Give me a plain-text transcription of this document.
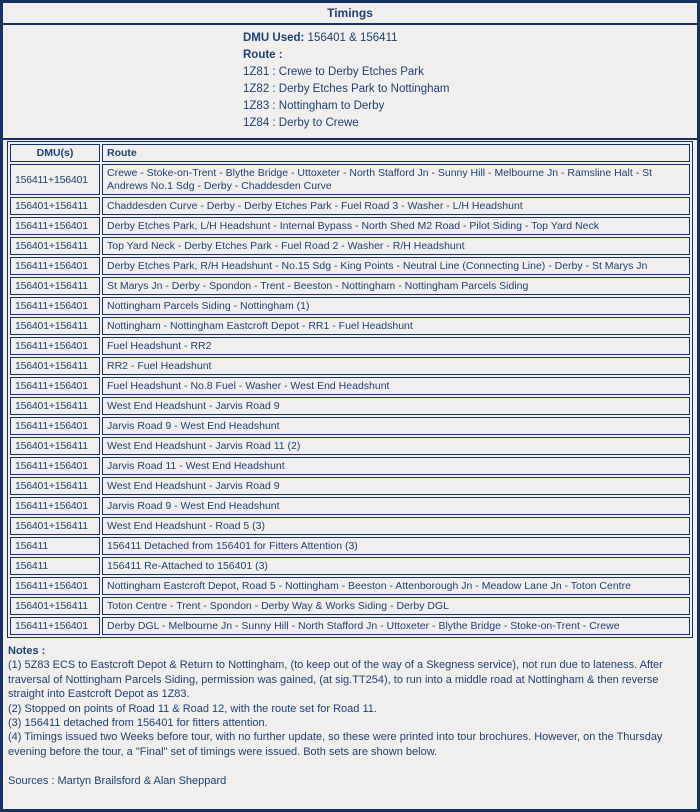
Timings
DMU Used: 156401 & 156411
Route :
1Z81 : Crewe to Derby Etches Park
1Z82 : Derby Etches Park to Nottingham
1Z83 : Nottingham to Derby
1Z84 : Derby to Crewe
DMU(s)	Route
156411+156401	Crewe - Stoke-on-Trent - Blythe Bridge - Uttoxeter - North Stafford Jn - Sunny Hill - Melbourne Jn - Ramsline Halt - St Andrews No.1 Sdg - Derby - Chaddesden Curve
156401+156411	Chaddesden Curve - Derby - Derby Etches Park - Fuel Road 3 - Washer - L/H Headshunt
156411+156401	Derby Etches Park, L/H Headshunt - Internal Bypass - North Shed M2 Road - Pilot Siding - Top Yard Neck
156401+156411	Top Yard Neck - Derby Etches Park - Fuel Road 2 - Washer - R/H Headshunt
156411+156401	Derby Etches Park, R/H Headshunt - No.15 Sdg - King Points - Neutral Line (Connecting Line) - Derby - St Marys Jn
156401+156411	St Marys Jn - Derby - Spondon - Trent - Beeston - Nottingham - Nottingham Parcels Siding
156411+156401	Nottingham Parcels Siding - Nottingham (1)
156401+156411	Nottingham - Nottingham Eastcroft Depot - RR1 - Fuel Headshunt
156411+156401	Fuel Headshunt - RR2
156401+156411	RR2 - Fuel Headshunt
156411+156401	Fuel Headshunt - No.8 Fuel - Washer - West End Headshunt
156401+156411	West End Headshunt - Jarvis Road 9
156411+156401	Jarvis Road 9 - West End Headshunt
156401+156411	West End Headshunt - Jarvis Road 11 (2)
156411+156401	Jarvis Road 11 - West End Headshunt
156401+156411	West End Headshunt - Jarvis Road 9
156411+156401	Jarvis Road 9 - West End Headshunt
156401+156411	West End Headshunt - Road 5 (3)
156411	156411 Detached from 156401 for Fitters Attention (3)
156411	156411 Re-Attached to 156401 (3)
156411+156401	Nottingham Eastcroft Depot, Road 5 - Nottingham - Beeston - Attenborough Jn - Meadow Lane Jn - Toton Centre
156401+156411	Toton Centre - Trent - Spondon - Derby Way & Works Siding - Derby DGL
156411+156401	Derby DGL - Melbourne Jn - Sunny Hill - North Stafford Jn - Uttoxeter - Blythe Bridge - Stoke-on-Trent - Crewe
Notes :
(1) 5Z83 ECS to Eastcroft Depot & Return to Nottingham, (to keep out of the way of a Skegness service), not run due to lateness. After traversal of Nottingham Parcels Siding, permission was gained, (at sig.TT254), to run into a middle road at Nottingham & then reverse straight into Eastcroft Depot as 1Z83.
(2) Stopped on points of Road 11 & Road 12, with the route set for Road 11.
(3) 156411 detached from 156401 for fitters attention.
(4) Timings issued two Weeks before tour, with no further update, so these were printed into tour brochures. However, on the Thursday evening before the tour, a "Final" set of timings were issued. Both sets are shown below.
Sources : Martyn Brailsford & Alan Sheppard
